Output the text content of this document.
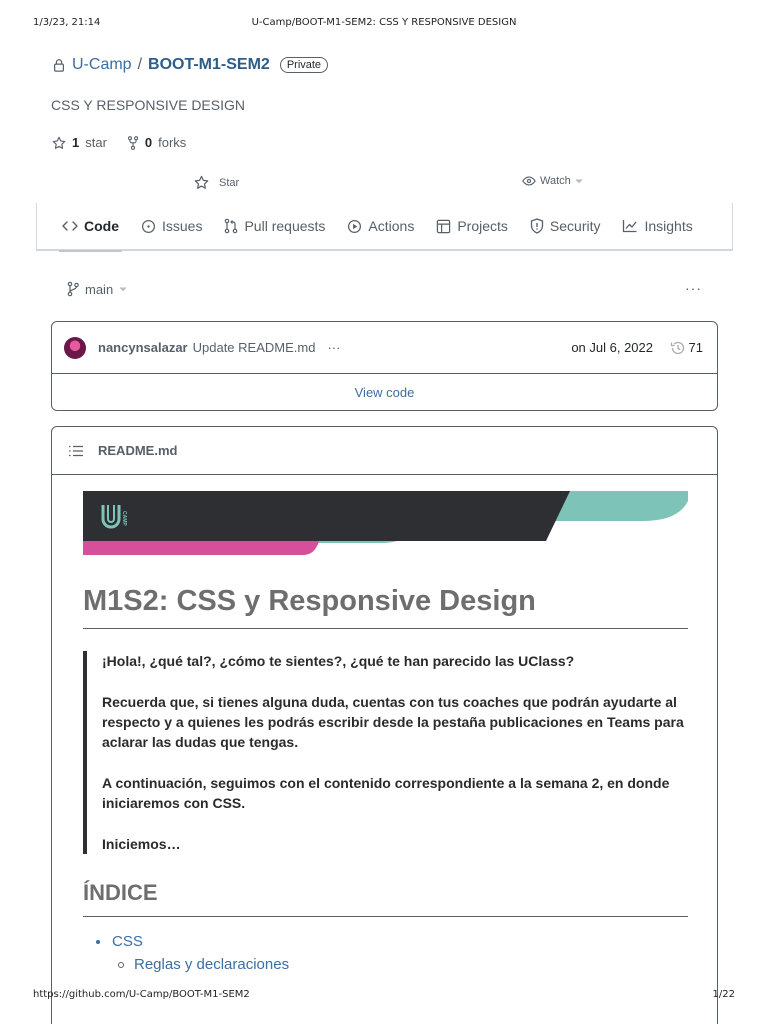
1/3/23, 21:14	U-Camp/BOOT-M1-SEM2: CSS Y RESPONSIVE DESIGN
U-Camp / BOOT-M1-SEM2	Private
CSS Y RESPONSIVE DESIGN
1 star	0 forks
Star	Watch
Code	Issues	Pull requests	Actions	Projects	Security	Insights
main	···
nancynsalazar Update README.md ···	on Jul 6, 2022	71
View code
README.md
CAMP
M1S2: CSS y Responsive Design

¡Hola!, ¿qué tal?, ¿cómo te sientes?, ¿qué te han parecido las UClass?

Recuerda que, si tienes alguna duda, cuentas con tus coaches que podrán ayudarte al respecto y a quienes les podrás escribir desde la pestaña publicaciones en Teams para aclarar las dudas que tengas.

A continuación, seguimos con el contenido correspondiente a la semana 2, en donde iniciaremos con CSS.

Iniciemos…

ÍNDICE
CSS
Reglas y declaraciones
https://github.com/U-Camp/BOOT-M1-SEM2	1/22
